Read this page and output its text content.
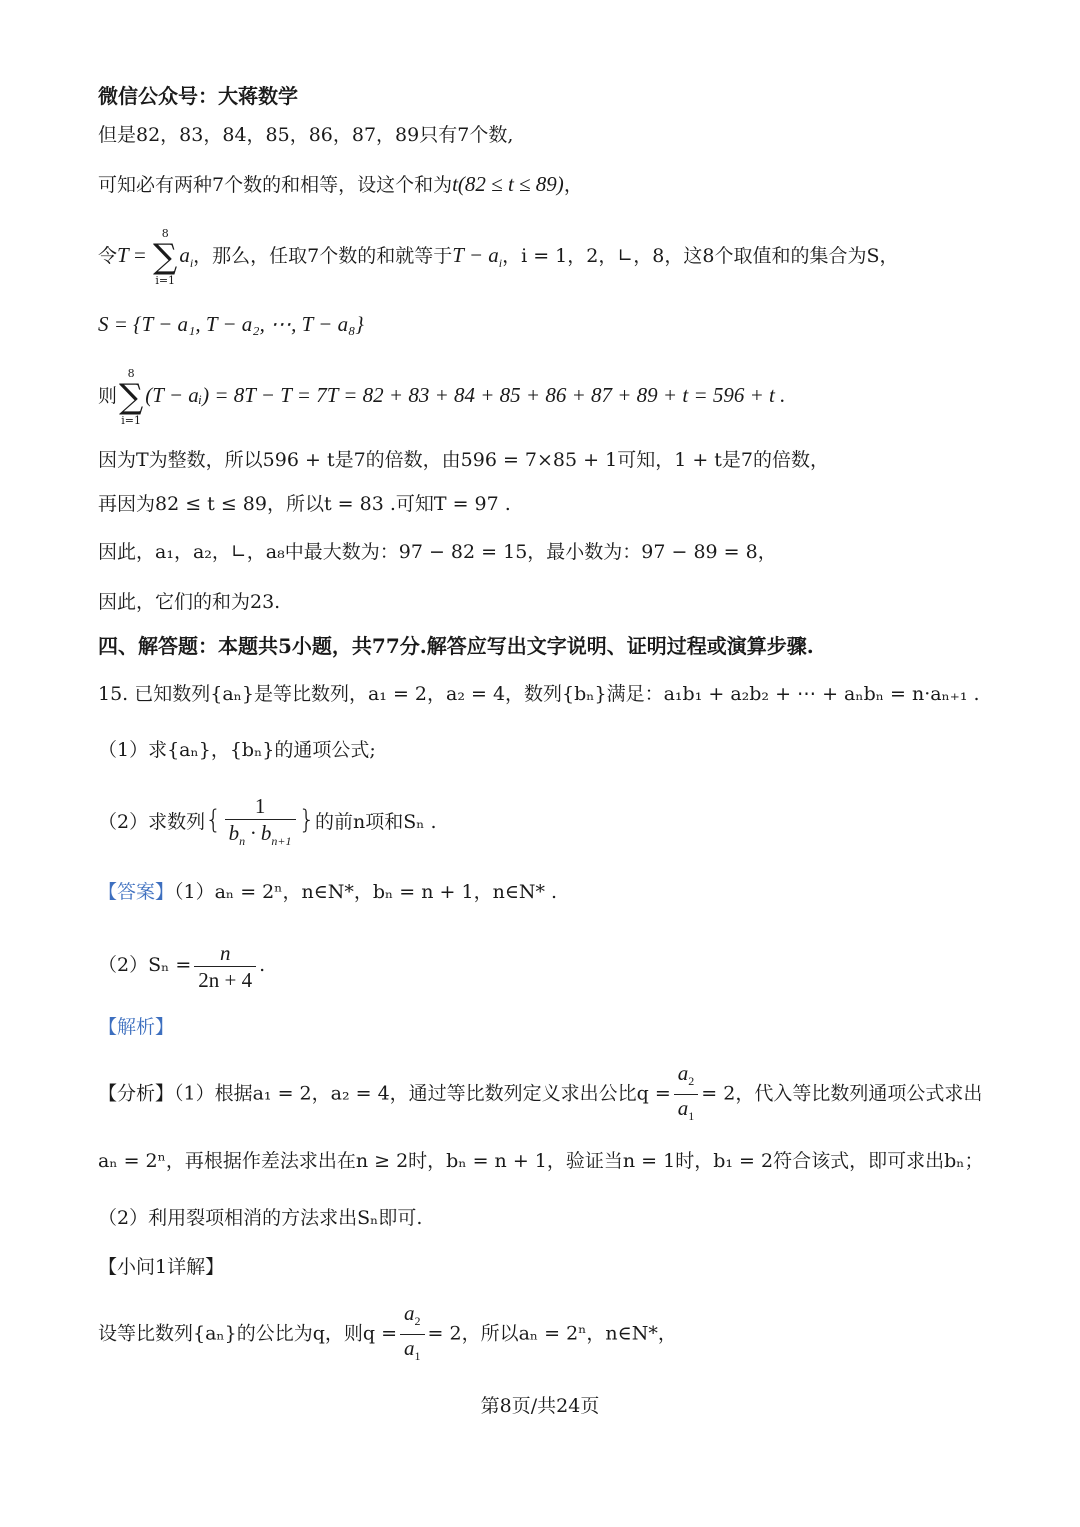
微信公众号：大蒋数学
但是82，83，84，85，86，87，89只有7个数,
可知必有两种7个数的和相等，设这个和为t(82 ≤ t ≤ 89)，
令T =
8
∑
i=1
$a_i$，那么，任取7个数的和就等于$T - a_i$，i = 1，2，∟，8，这8个取值和的集合为S，
S = {T − a₁, T − a₂, ⋯, T − a₈}
则
8
∑
i=1
(T − aᵢ) = 8T − T = 7T = 82 + 83 + 84 + 85 + 86 + 87 + 89 + t = 596 + t .
因为T为整数，所以596 + t是7的倍数，由596 = 7×85 + 1可知，1 + t是7的倍数，
再因为82 ≤ t ≤ 89，所以t = 83 .可知T = 97 .
因此，a₁，a₂，∟，a₈中最大数为：97 − 82 = 15，最小数为：97 − 89 = 8，
因此，它们的和为23.
四、解答题：本题共5小题，共77分.解答应写出文字说明、证明过程或演算步骤.
15. 已知数列{aₙ}是等比数列，a₁ = 2，a₂ = 4，数列{bₙ}满足：a₁b₁ + a₂b₂ + ⋯ + aₙbₙ = n·aₙ₊₁ .
（1）求{aₙ}，{bₙ}的通项公式;
（2）求数列{ $\frac{1}{b_n \cdot b_{n+1}}$ }的前n项和Sₙ .
【答案】（1）aₙ = 2ⁿ，n∈N*，bₙ = n + 1，n∈N* .
$(2)S_n = \frac{n}{2n + 4}$ .
【解析】
【分析】（1）根据a₁ = 2，a₂ = 4，通过等比数列定义求出公比$q = \frac{a_2}{a_1} = 2$，代入等比数列通项公式求出
aₙ = 2ⁿ，再根据作差法求出在n ≥ 2时，bₙ = n + 1，验证当n = 1时，b₁ = 2符合该式，即可求出bₙ；
（2）利用裂项相消的方法求出Sₙ即可.
【小问1详解】
设等比数列{aₙ}的公比为q，则$q = \frac{a_2}{a_1} = 2$，所以aₙ = 2ⁿ，n∈N*，
第8页/共24页
